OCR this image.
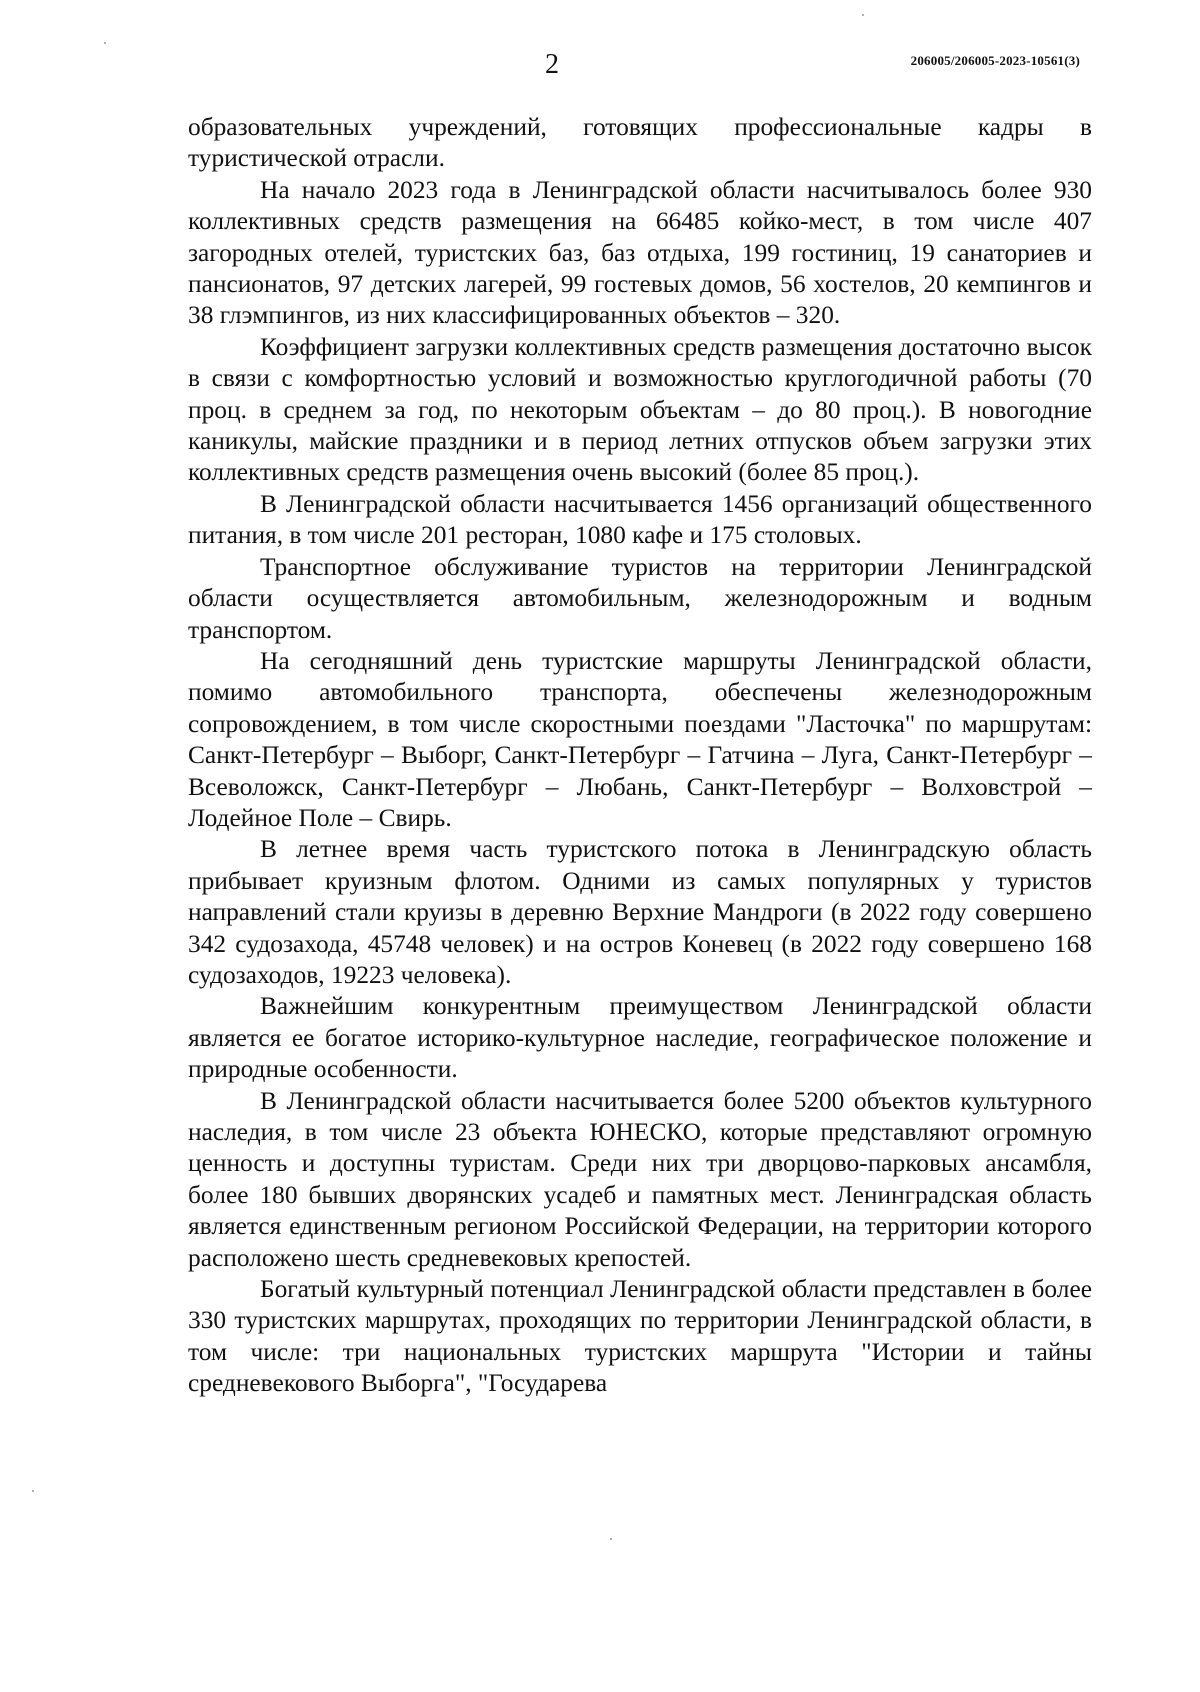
2	206005/206005-2023-10561(3)

образовательных учреждений, готовящих профессиональные кадры в туристической отрасли.

На начало 2023 года в Ленинградской области насчитывалось более 930 коллективных средств размещения на 66485 койко-мест, в том числе 407 загородных отелей, туристских баз, баз отдыха, 199 гостиниц, 19 санаториев и пансионатов, 97 детских лагерей, 99 гостевых домов, 56 хостелов, 20 кемпингов и 38 глэмпингов, из них классифицированных объектов – 320.

Коэффициент загрузки коллективных средств размещения достаточно высок в связи с комфортностью условий и возможностью круглогодичной работы (70 проц. в среднем за год, по некоторым объектам – до 80 проц.). В новогодние каникулы, майские праздники и в период летних отпусков объем загрузки этих коллективных средств размещения очень высокий (более 85 проц.).

В Ленинградской области насчитывается 1456 организаций общественного питания, в том числе 201 ресторан, 1080 кафе и 175 столовых.

Транспортное обслуживание туристов на территории Ленинградской области осуществляется автомобильным, железнодорожным и водным транспортом.

На сегодняшний день туристские маршруты Ленинградской области, помимо автомобильного транспорта, обеспечены железнодорожным сопровождением, в том числе скоростными поездами "Ласточка" по маршрутам: Санкт-Петербург – Выборг, Санкт-Петербург – Гатчина – Луга, Санкт-Петербург – Всеволожск, Санкт-Петербург – Любань, Санкт-Петербург – Волховстрой – Лодейное Поле – Свирь.

В летнее время часть туристского потока в Ленинградскую область прибывает круизным флотом. Одними из самых популярных у туристов направлений стали круизы в деревню Верхние Мандроги (в 2022 году совершено 342 судозахода, 45748 человек) и на остров Коневец (в 2022 году совершено 168 судозаходов, 19223 человека).

Важнейшим конкурентным преимуществом Ленинградской области является ее богатое историко-культурное наследие, географическое положение и природные особенности.

В Ленинградской области насчитывается более 5200 объектов культурного наследия, в том числе 23 объекта ЮНЕСКО, которые представляют огромную ценность и доступны туристам. Среди них три дворцово-парковых ансамбля, более 180 бывших дворянских усадеб и памятных мест. Ленинградская область является единственным регионом Российской Федерации, на территории которого расположено шесть средневековых крепостей.

Богатый культурный потенциал Ленинградской области представлен в более 330 туристских маршрутах, проходящих по территории Ленинградской области, в том числе: три национальных туристских маршрута "Истории и тайны средневекового Выборга", "Государева
